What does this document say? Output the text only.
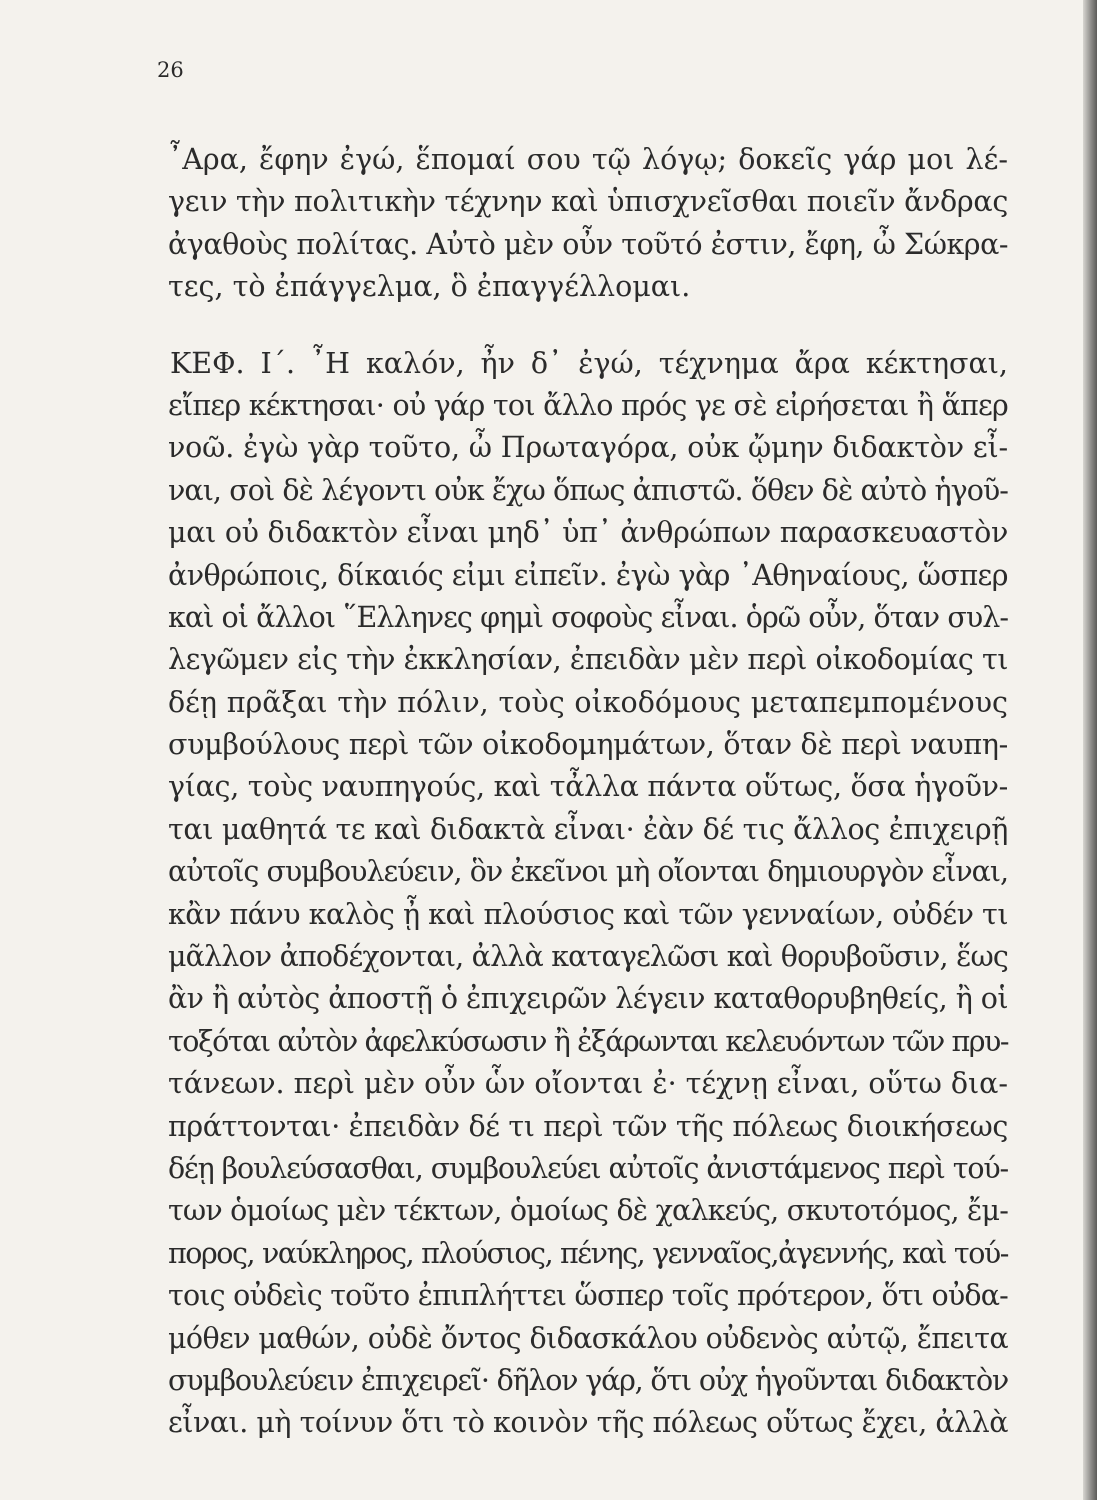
26
῏Αρα, ἔφην ἐγώ, ἕπομαί σου τῷ λόγῳ; δοκεῖς γάρ μοι λέ-
γειν τὴν πολιτικὴν τέχνην καὶ ὑπισχνεῖσθαι ποιεῖν ἄνδρας
ἀγαθοὺς πολίτας. Αὐτὸ μὲν οὖν τοῦτό ἐστιν, ἔφη, ὦ Σώκρα-
τες, τὸ ἐπάγγελμα, ὃ ἐπαγγέλλομαι.
ΚΕΦ. Ι΄. ῏Η καλόν, ἦν δ᾽ ἐγώ, τέχνημα ἄρα κέκτησαι,
εἴπερ κέκτησαι· οὐ γάρ τοι ἄλλο πρός γε σὲ εἰρήσεται ἢ ἅπερ
νοῶ. ἐγὼ γὰρ τοῦτο, ὦ Πρωταγόρα, οὐκ ᾤμην διδακτὸν εἶ-
ναι, σοὶ δὲ λέγοντι οὐκ ἔχω ὅπως ἀπιστῶ. ὅθεν δὲ αὐτὸ ἡγοῦ-
μαι οὐ διδακτὸν εἶναι μηδ᾽ ὑπ᾽ ἀνθρώπων παρασκευαστὸν
ἀνθρώποις, δίκαιός εἰμι εἰπεῖν. ἐγὼ γὰρ ᾽Αθηναίους, ὥσπερ
καὶ οἱ ἄλλοι ῞Ελληνες φημὶ σοφοὺς εἶναι. ὁρῶ οὖν, ὅταν συλ-
λεγῶμεν εἰς τὴν ἐκκλησίαν, ἐπειδὰν μὲν περὶ οἰκοδομίας τι
δέῃ πρᾶξαι τὴν πόλιν, τοὺς οἰκοδόμους μεταπεμπομένους
συμβούλους περὶ τῶν οἰκοδομημάτων, ὅταν δὲ περὶ ναυπη-
γίας, τοὺς ναυπηγούς, καὶ τἆλλα πάντα οὕτως, ὅσα ἡγοῦν-
ται μαθητά τε καὶ διδακτὰ εἶναι· ἐὰν δέ τις ἄλλος ἐπιχειρῇ
αὐτοῖς συμβουλεύειν, ὃν ἐκεῖνοι μὴ οἴονται δημιουργὸν εἶναι,
κἂν πάνυ καλὸς ᾖ καὶ πλούσιος καὶ τῶν γενναίων, οὐδέν τι
μᾶλλον ἀποδέχονται, ἀλλὰ καταγελῶσι καὶ θορυβοῦσιν, ἕως
ἂν ἢ αὐτὸς ἀποστῇ ὁ ἐπιχειρῶν λέγειν καταθορυβηθείς, ἢ οἱ
τοξόται αὐτὸν ἀφελκύσωσιν ἢ ἐξάρωνται κελευόντων τῶν πρυ-
τάνεων. περὶ μὲν οὖν ὧν οἴονται ἐ· τέχνῃ εἶναι, οὕτω δια-
πράττονται· ἐπειδὰν δέ τι περὶ τῶν τῆς πόλεως διοικήσεως
δέῃ βουλεύσασθαι, συμβουλεύει αὐτοῖς ἀνιστάμενος περὶ τού-
των ὁμοίως μὲν τέκτων, ὁμοίως δὲ χαλκεύς, σκυτοτόμος, ἔμ-
πορος, ναύκληρος, πλούσιος, πένης, γενναῖος,ἀγεννής, καὶ τού-
τοις οὐδεὶς τοῦτο ἐπιπλήττει ὥσπερ τοῖς πρότερον, ὅτι οὐδα-
μόθεν μαθών, οὐδὲ ὄντος διδασκάλου οὐδενὸς αὐτῷ, ἔπειτα
συμβουλεύειν ἐπιχειρεῖ· δῆλον γάρ, ὅτι οὐχ ἡγοῦνται διδακτὸν
εἶναι. μὴ τοίνυν ὅτι τὸ κοινὸν τῆς πόλεως οὕτως ἔχει, ἀλλὰ
